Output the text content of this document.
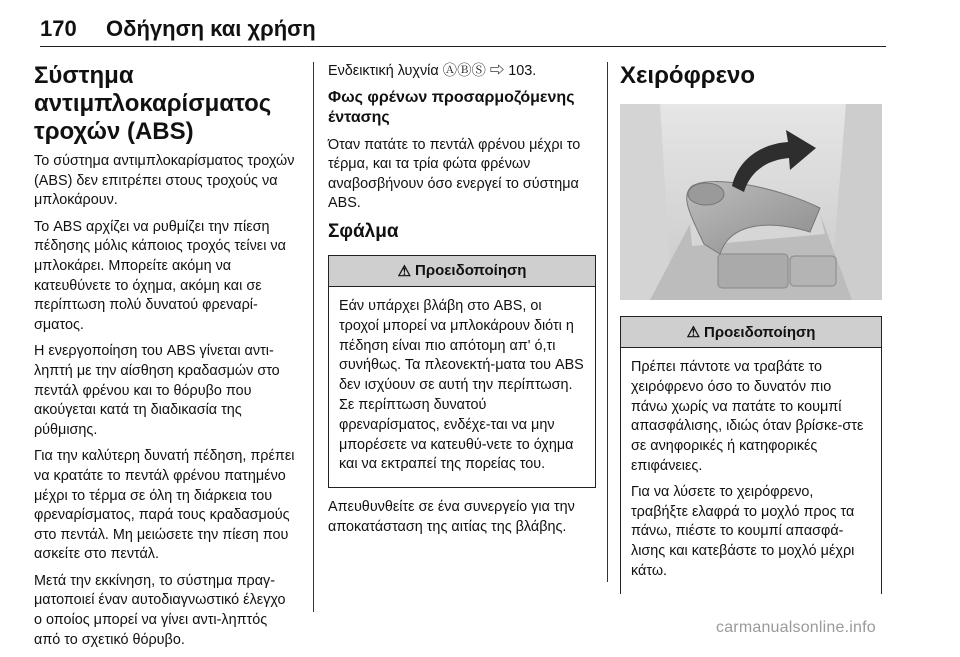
170 Οδήγηση και χρήση
Σύστημα αντιμπλοκαρίσματος τροχών (ABS)

Το σύστημα αντιμπλοκαρίσματος τροχών (ABS) δεν επιτρέπει στους τροχούς να μπλοκάρουν.

Το ABS αρχίζει να ρυθμίζει την πίεση πέδησης μόλις κάποιος τροχός τείνει να μπλοκάρει. Μπορείτε ακόμη να κατευθύνετε το όχημα, ακόμη και σε περίπτωση πολύ δυνατού φρεναρί-σματος.

Η ενεργοποίηση του ABS γίνεται αντι-ληπτή με την αίσθηση κραδασμών στο πεντάλ φρένου και το θόρυβο που ακούγεται κατά τη διαδικασία της ρύθμισης.

Για την καλύτερη δυνατή πέδηση, πρέπει να κρατάτε το πεντάλ φρένου πατημένο μέχρι το τέρμα σε όλη τη διάρκεια του φρεναρίσματος, παρά τους κραδασμούς στο πεντάλ. Μη μειώσετε την πίεση που ασκείτε στο πεντάλ.

Μετά την εκκίνηση, το σύστημα πραγ-ματοποιεί έναν αυτοδιαγνωστικό έλεγχο ο οποίος μπορεί να γίνει αντι-ληπτός από το σχετικό θόρυβο.

Ενδεικτική λυχνία ⒶⒷⓈ ⇨ 103.

Φως φρένων προσαρμοζόμενης έντασης

Όταν πατάτε το πεντάλ φρένου μέχρι το τέρμα, και τα τρία φώτα φρένων αναβοσβήνουν όσο ενεργεί το σύστημα ABS.

Σφάλμα
⚠ Προειδοποίηση

Εάν υπάρχει βλάβη στο ABS, οι τροχοί μπορεί να μπλοκάρουν διότι η πέδηση είναι πιο απότομη απ' ό,τι συνήθως. Τα πλεονεκτή-ματα του ABS δεν ισχύουν σε αυτή την περίπτωση. Σε περίπτωση δυνατού φρεναρίσματος, ενδέχε-ται να μην μπορέσετε να κατευθύ-νετε το όχημα και να εκτραπεί της πορείας του.

Απευθυνθείτε σε ένα συνεργείο για την αποκατάσταση της αιτίας της βλάβης.

Χειρόφρενο
⚠ Προειδοποίηση

Πρέπει πάντοτε να τραβάτε το χειρόφρενο όσο το δυνατόν πιο πάνω χωρίς να πατάτε το κουμπί απασφάλισης, ιδιώς όταν βρίσκε-στε σε ανηφορικές ή κατηφορικές επιφάνειες.

Για να λύσετε το χειρόφρενο, τραβήξτε ελαφρά το μοχλό προς τα πάνω, πιέστε το κουμπί απασφά-λισης και κατεβάστε το μοχλό μέχρι κάτω.

carmanualsonline.info
